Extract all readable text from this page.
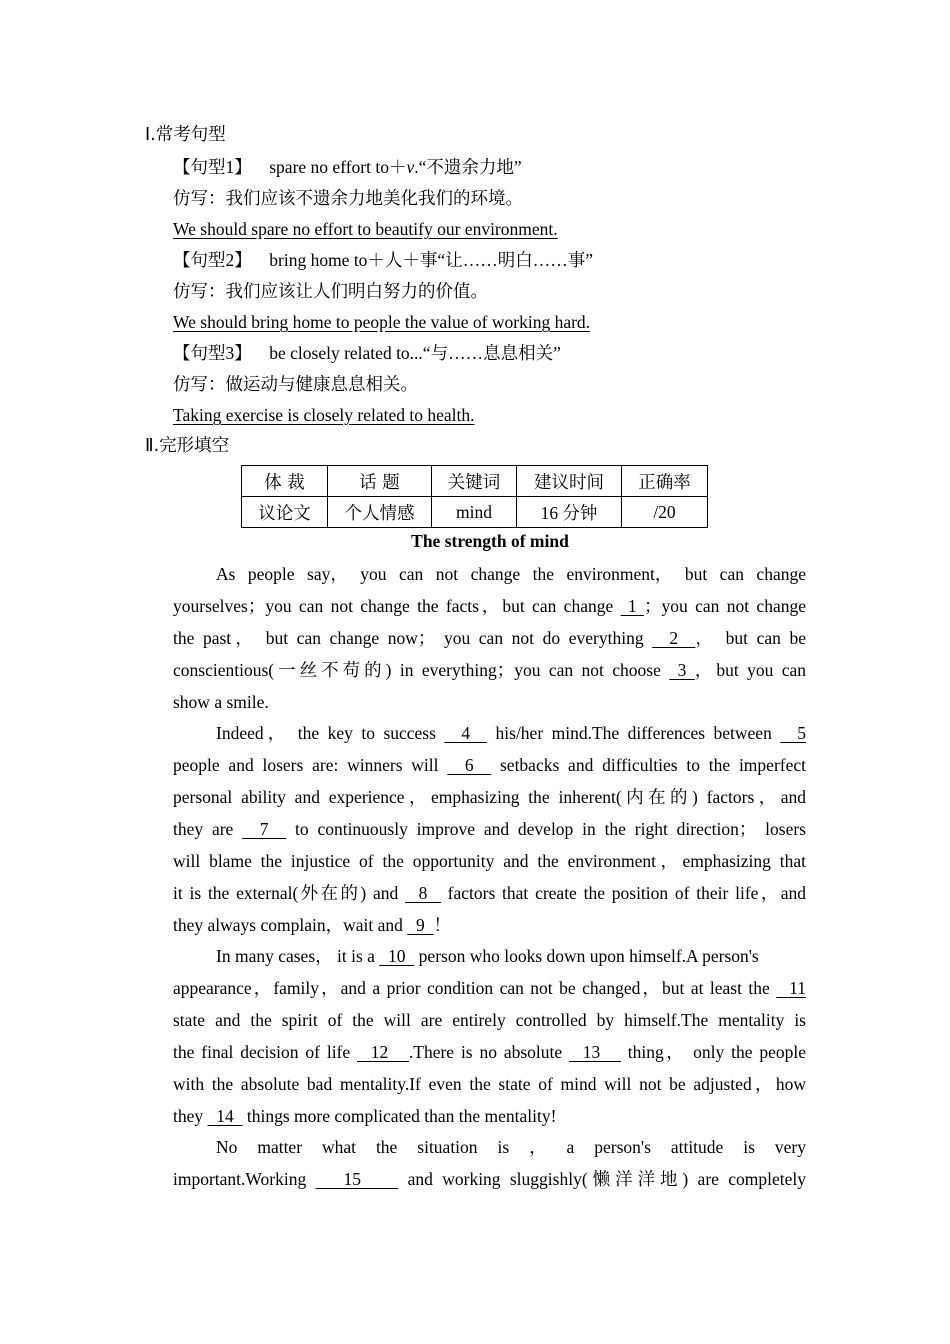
Ⅰ.常考句型
【句型1】 spare no effort to＋v.“不遗余力地”
仿写：我们应该不遗余力地美化我们的环境。
We should spare no effort to beautify our environment.
【句型2】 bring home to＋人＋事“让……明白……事”
仿写：我们应该让人们明白努力的价值。
We should bring home to people the value of working hard.
【句型3】 be closely related to...“与……息息相关”
仿写：做运动与健康息息相关。
Taking exercise is closely related to health.
Ⅱ.完形填空
体 裁	话 题	关键词	建议时间	正确率
议论文	个人情感	mind	16 分钟	/20
The strength of mind
As people say， you can not change the environment， but can change
yourselves；you can not change the facts，but can change  1 ；you can not change
the past， but can change now； you can not do everything   2  ， but can be
conscientious(一丝不苟的) in everything；you can not choose  3 ，but you can
show a smile.
Indeed， the key to success   4   his/her mind.The differences between   5
people and losers are: winners will   6   setbacks and difficulties to the imperfect
personal ability and experience，emphasizing the inherent(内在的) factors，and
they are   7   to continuously improve and develop in the right direction； losers
will blame the injustice of the opportunity and the environment，emphasizing that
it is the external(外在的) and   8   factors that create the position of their life，and
they always complain，wait and   9  ！
In many cases， it is a   10   person who looks down upon himself.A person's
appearance，family，and a prior condition can not be changed，but at least the   11
state and the spirit of the will are entirely controlled by himself.The mentality is
the final decision of life   12   .There is no absolute   13    thing， only the people
with the absolute bad mentality.If even the state of mind will not be adjusted，how
they   14   things more complicated than the mentality!
No matter what the situation is ， a person's attitude is very
important.Working    15     and working sluggishly(懒洋洋地) are completely
